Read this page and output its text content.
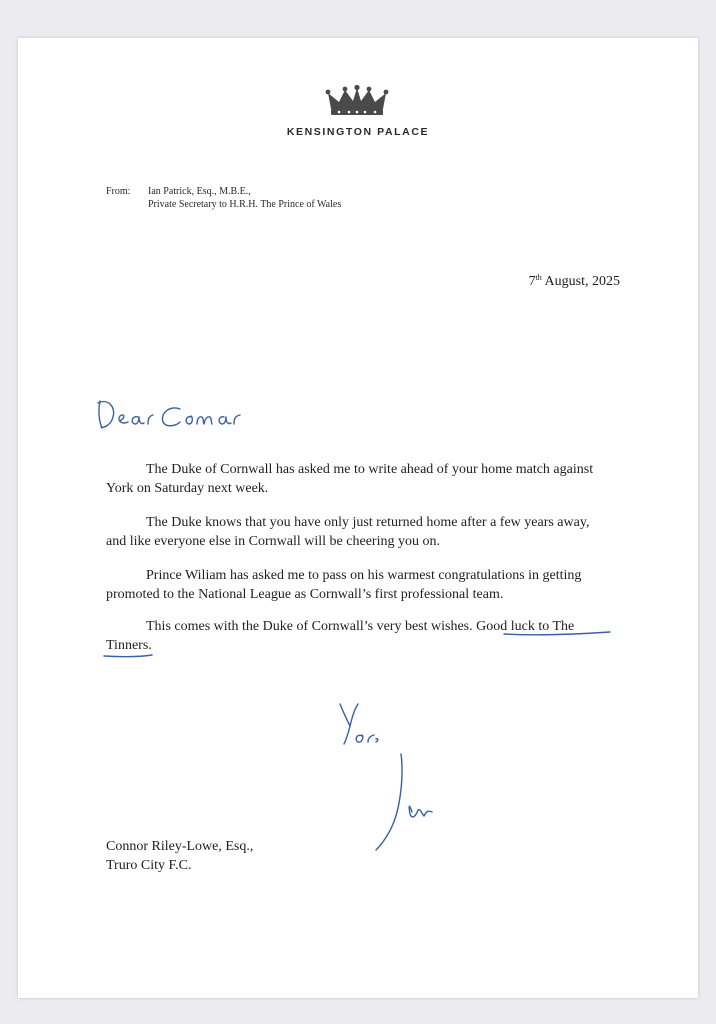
KENSINGTON PALACE
From: Ian Patrick, Esq., M.B.E.,
Private Secretary to H.R.H. The Prince of Wales
7th August, 2025
The Duke of Cornwall has asked me to write ahead of your home match against
York on Saturday next week.
The Duke knows that you have only just returned home after a few years away,
and like everyone else in Cornwall will be cheering you on.
Prince Wiliam has asked me to pass on his warmest congratulations in getting
promoted to the National League as Cornwall’s first professional team.
This comes with the Duke of Cornwall’s very best wishes. Good luck to The
Tinners.
Connor Riley-Lowe, Esq.,
Truro City F.C.
